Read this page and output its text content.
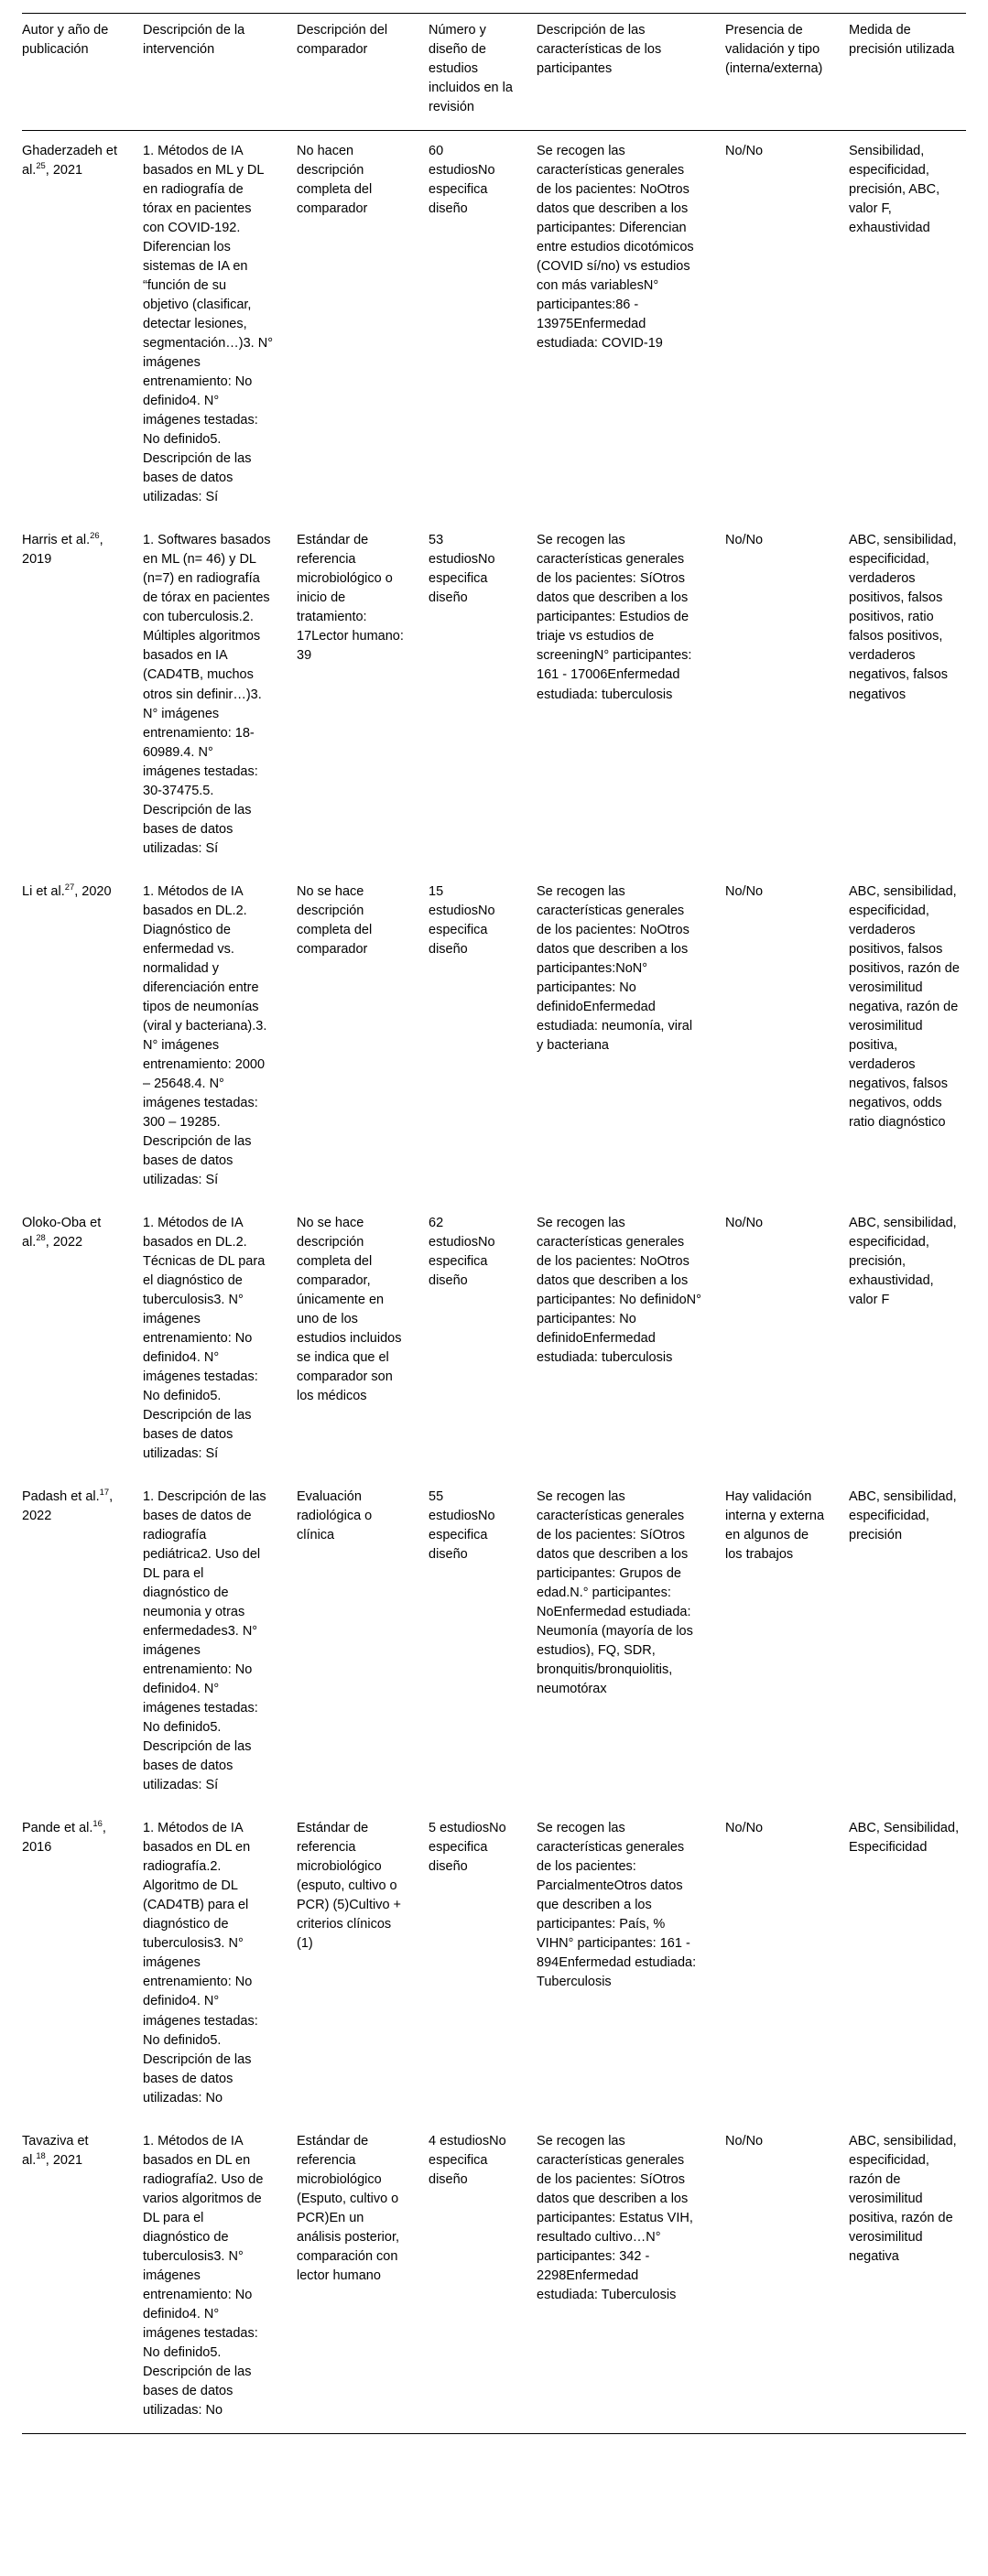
Autor y año de publicación	Descripción de la intervención	Descripción del comparador	Número y diseño de estudios incluidos en la revisión	Descripción de las características de los participantes	Presencia de validación y tipo (interna/externa)	Medida de precisión utilizada
Ghaderzadeh et al.$^{25}$, 2021	1. Métodos de IA basados en ML y DL en radiografía de tórax en pacientes con COVID-192. Diferencian los sistemas de IA en “función de su objetivo (clasificar, detectar lesiones, segmentación…)3. N° imágenes entrenamiento: No definido4. N° imágenes testadas: No definido5. Descripción de las bases de datos utilizadas: Sí	No hacen descripción completa del comparador	60 estudiosNo especifica diseño	Se recogen las características generales de los pacientes: NoOtros datos que describen a los participantes: Diferencian entre estudios dicotómicos (COVID sí/no) vs estudios con más variablesN° participantes:86 - 13975Enfermedad estudiada: COVID-19	No/No	Sensibilidad, especificidad, precisión, ABC, valor F, exhaustividad
Harris et al.$^{26}$, 2019	1. Softwares basados en ML (n= 46) y DL (n=7) en radiografía de tórax en pacientes con tuberculosis.2. Múltiples algoritmos basados en IA (CAD4TB, muchos otros sin definir…)3. N° imágenes entrenamiento: 18-60989.4. N° imágenes testadas: 30-37475.5. Descripción de las bases de datos utilizadas: Sí	Estándar de referencia microbiológico o inicio de tratamiento: 17Lector humano: 39	53 estudiosNo especifica diseño	Se recogen las características generales de los pacientes: SíOtros datos que describen a los participantes: Estudios de triaje vs estudios de screeningN° participantes: 161 - 17006Enfermedad estudiada: tuberculosis	No/No	ABC, sensibilidad, especificidad, verdaderos positivos, falsos positivos, ratio falsos positivos, verdaderos negativos, falsos negativos
Li et al.$^{27}$, 2020	1. Métodos de IA basados en DL.2. Diagnóstico de enfermedad vs. normalidad y diferenciación entre tipos de neumonías (viral y bacteriana).3. N° imágenes entrenamiento: 2000 – 25648.4. N° imágenes testadas: 300 – 19285. Descripción de las bases de datos utilizadas: Sí	No se hace descripción completa del comparador	15 estudiosNo especifica diseño	Se recogen las características generales de los pacientes: NoOtros datos que describen a los participantes:NoN° participantes: No definidoEnfermedad estudiada: neumonía, viral y bacteriana	No/No	ABC, sensibilidad, especificidad, verdaderos positivos, falsos positivos, razón de verosimilitud negativa, razón de verosimilitud positiva, verdaderos negativos, falsos negativos, odds ratio diagnóstico
Oloko-Oba et al.$^{28}$, 2022	1. Métodos de IA basados en DL.2. Técnicas de DL para el diagnóstico de tuberculosis3. N° imágenes entrenamiento: No definido4. N° imágenes testadas: No definido5. Descripción de las bases de datos utilizadas: Sí	No se hace descripción completa del comparador, únicamente en uno de los estudios incluidos se indica que el comparador son los médicos	62 estudiosNo especifica diseño	Se recogen las características generales de los pacientes: NoOtros datos que describen a los participantes: No definidoN° participantes: No definidoEnfermedad estudiada: tuberculosis	No/No	ABC, sensibilidad, especificidad, precisión, exhaustividad, valor F
Padash et al.$^{17}$, 2022	1. Descripción de las bases de datos de radiografía pediátrica2. Uso del DL para el diagnóstico de neumonia y otras enfermedades3. N° imágenes entrenamiento: No definido4. N° imágenes testadas: No definido5. Descripción de las bases de datos utilizadas: Sí	Evaluación radiológica o clínica	55 estudiosNo especifica diseño	Se recogen las características generales de los pacientes: SíOtros datos que describen a los participantes: Grupos de edad.N.° participantes: NoEnfermedad estudiada: Neumonía (mayoría de los estudios), FQ, SDR, bronquitis/bronquiolitis, neumotórax	Hay validación interna y externa en algunos de los trabajos	ABC, sensibilidad, especificidad, precisión
Pande et al.$^{16}$, 2016	1. Métodos de IA basados en DL en radiografía.2. Algoritmo de DL (CAD4TB) para el diagnóstico de tuberculosis3. N° imágenes entrenamiento: No definido4. N° imágenes testadas: No definido5. Descripción de las bases de datos utilizadas: No	Estándar de referencia microbiológico (esputo, cultivo o PCR) (5)Cultivo + criterios clínicos (1)	5 estudiosNo especifica diseño	Se recogen las características generales de los pacientes: ParcialmenteOtros datos que describen a los participantes: País, % VIHN° participantes: 161 - 894Enfermedad estudiada: Tuberculosis	No/No	ABC, Sensibilidad, Especificidad
Tavaziva et al.$^{18}$, 2021	1. Métodos de IA basados en DL en radiografía2. Uso de varios algoritmos de DL para el diagnóstico de tuberculosis3. N° imágenes entrenamiento: No definido4. N° imágenes testadas: No definido5. Descripción de las bases de datos utilizadas: No	Estándar de referencia microbiológico (Esputo, cultivo o PCR)En un análisis posterior, comparación con lector humano	4 estudiosNo especifica diseño	Se recogen las características generales de los pacientes: SíOtros datos que describen a los participantes: Estatus VIH, resultado cultivo…N° participantes: 342 - 2298Enfermedad estudiada: Tuberculosis	No/No	ABC, sensibilidad, especificidad, razón de verosimilitud positiva, razón de verosimilitud negativa
